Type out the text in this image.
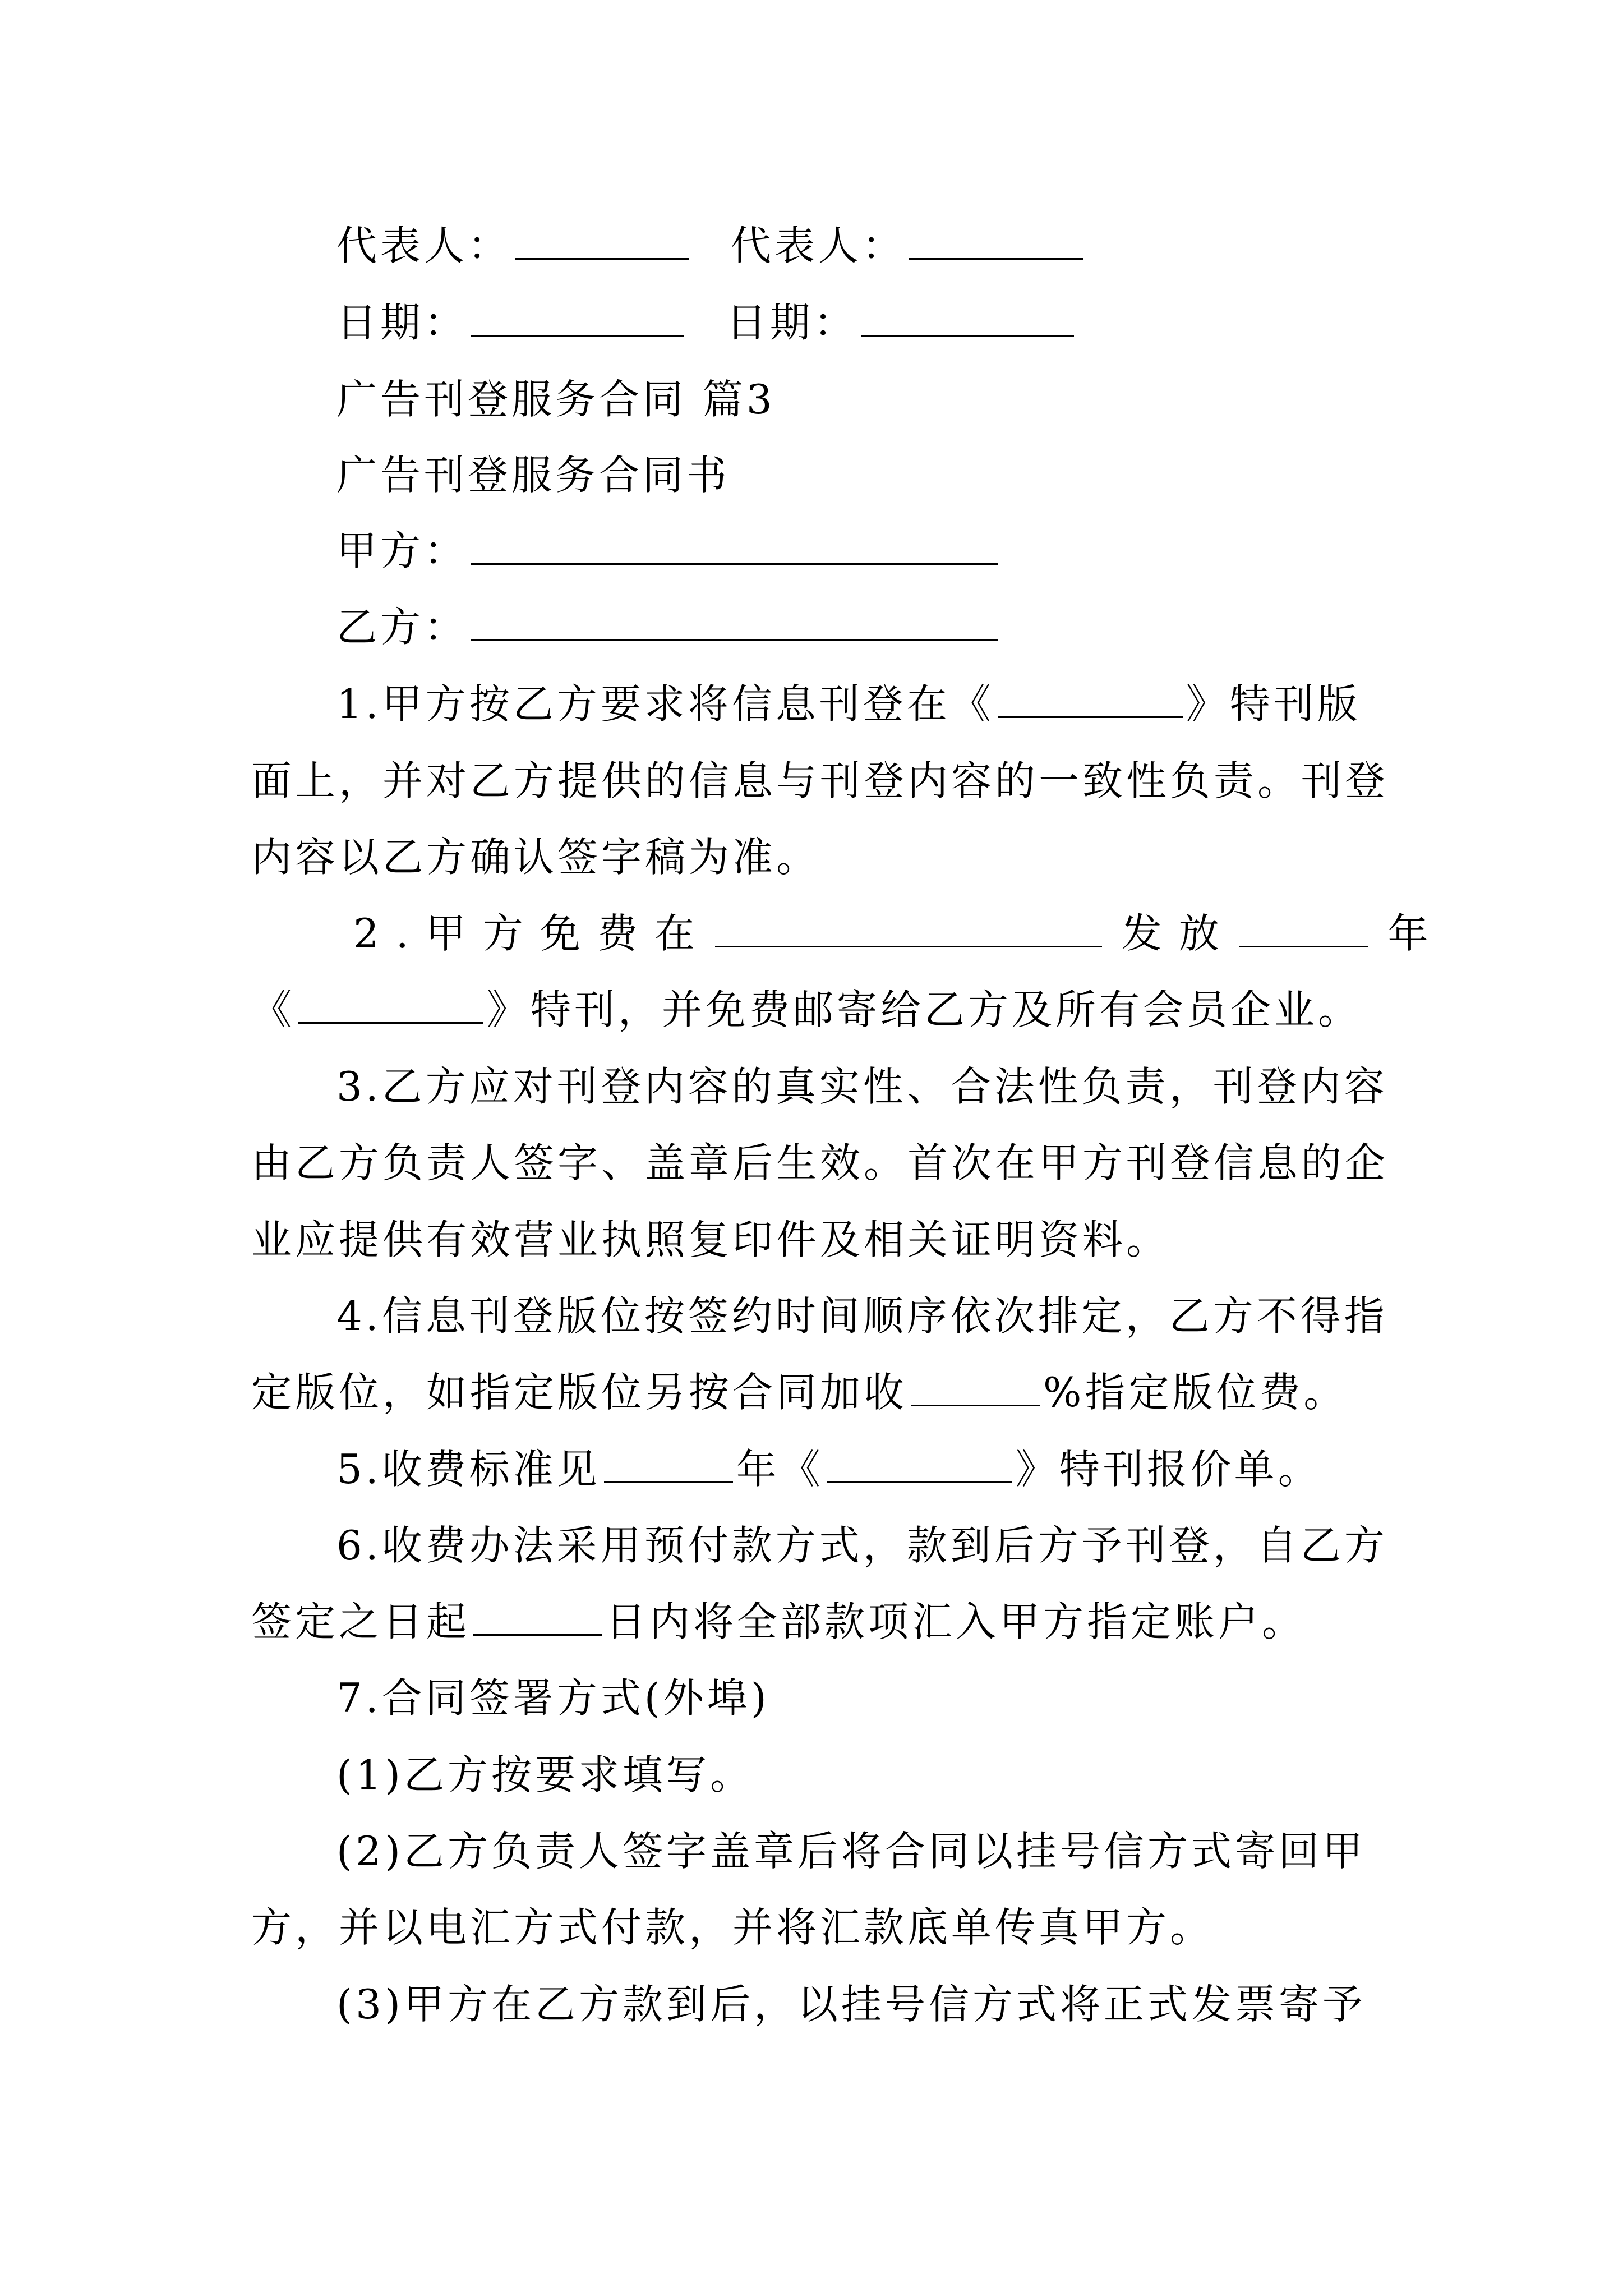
代表人：	代表人：
日期：	日期：
广告刊登服务合同 篇3
广告刊登服务合同书
甲方：
乙方：
1.甲方按乙方要求将信息刊登在《	》特刊版
面上，并对乙方提供的信息与刊登内容的一致性负责。刊登
内容以乙方确认签字稿为准。
2.甲方免费在	发放	年
《	》特刊，并免费邮寄给乙方及所有会员企业。
3.乙方应对刊登内容的真实性、合法性负责，刊登内容
由乙方负责人签字、盖章后生效。首次在甲方刊登信息的企
业应提供有效营业执照复印件及相关证明资料。
4.信息刊登版位按签约时间顺序依次排定，乙方不得指
定版位，如指定版位另按合同加收	%指定版位费。
5.收费标准见	年《	》特刊报价单。
6.收费办法采用预付款方式，款到后方予刊登，自乙方
签定之日起	日内将全部款项汇入甲方指定账户。
7.合同签署方式(外埠)
(1)乙方按要求填写。
(2)乙方负责人签字盖章后将合同以挂号信方式寄回甲
方，并以电汇方式付款，并将汇款底单传真甲方。
(3)甲方在乙方款到后，以挂号信方式将正式发票寄予
